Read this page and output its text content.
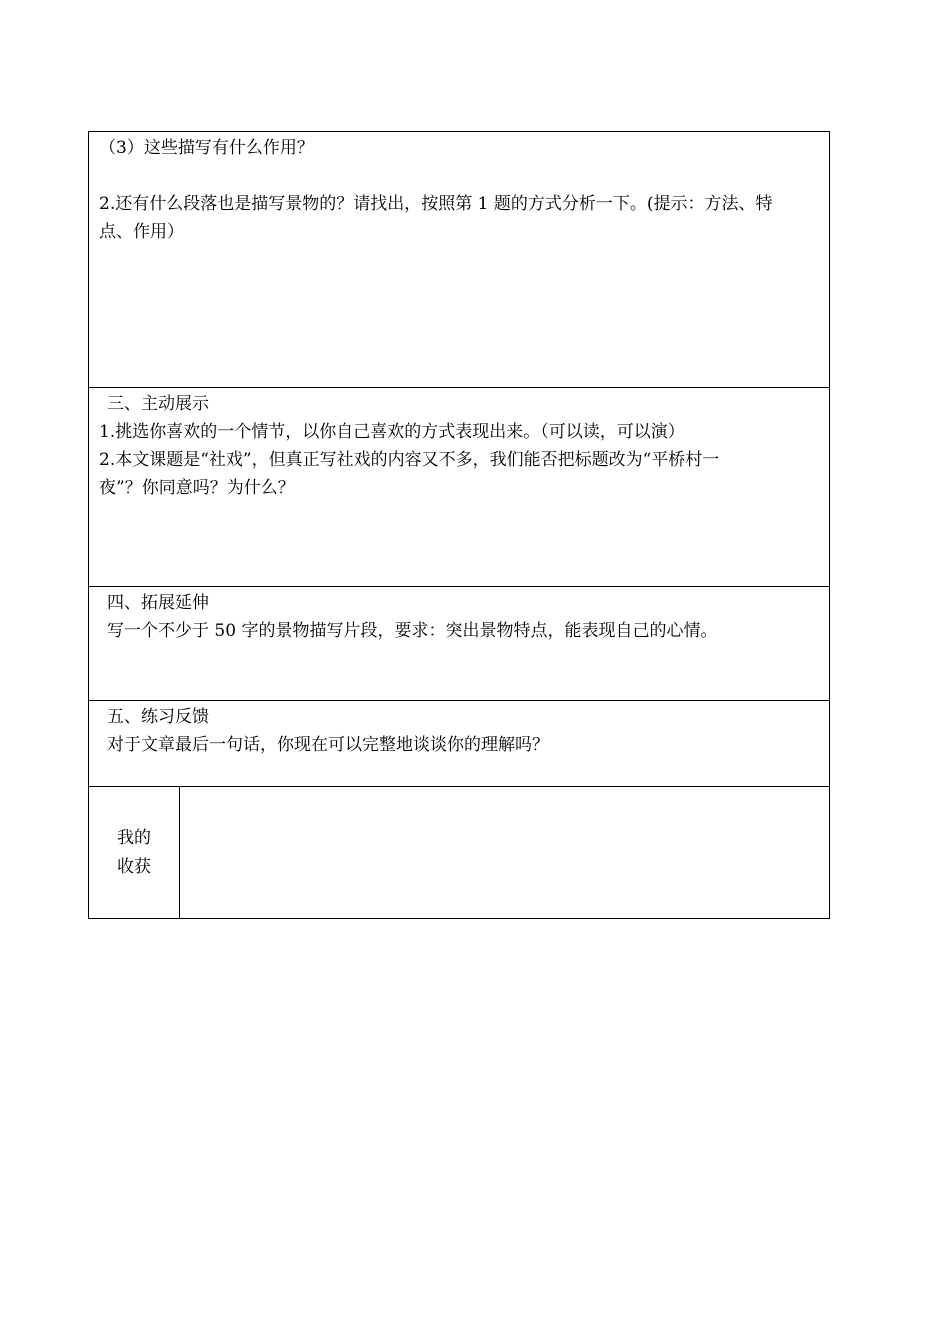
（3）这些描写有什么作用？
2.还有什么段落也是描写景物的？请找出，按照第 1 题的方式分析一下。(提示：方法、特
点、作用）

三、主动展示
1.挑选你喜欢的一个情节，以你自己喜欢的方式表现出来。（可以读，可以演）
2.本文课题是“社戏”，但真正写社戏的内容又不多，我们能否把标题改为“平桥村一
夜”？你同意吗？为什么？

四、拓展延伸
写一个不少于 50 字的景物描写片段，要求：突出景物特点，能表现自己的心情。

五、练习反馈
对于文章最后一句话，你现在可以完整地谈谈你的理解吗？

我的
收获
